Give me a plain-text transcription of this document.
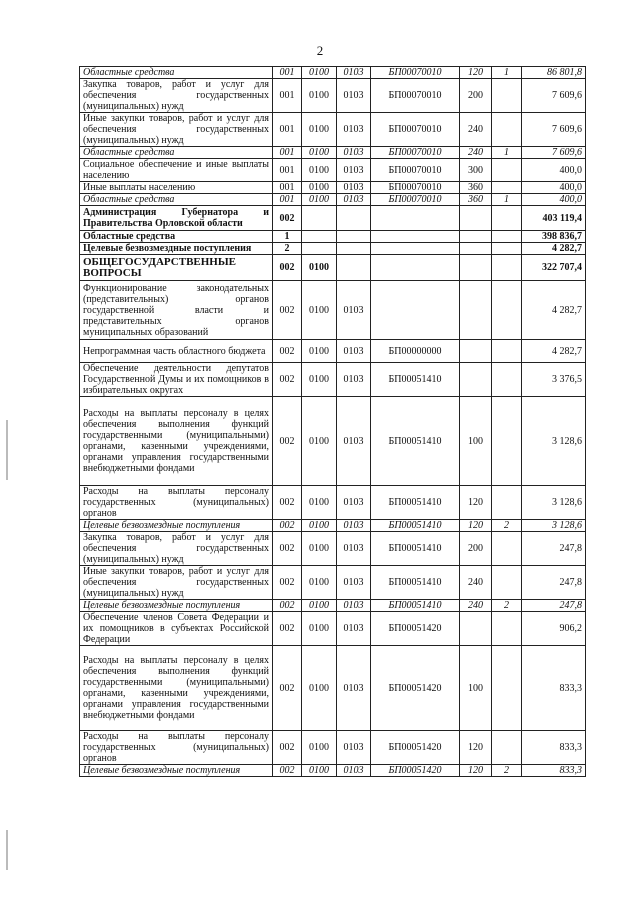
2
Областные средства	001	0100	0103	БП00070010	120	1	86 801,8
Закупка товаров, работ и услуг для обеспечения государственных (муниципальных) нужд	001	0100	0103	БП00070010	200		7 609,6
Иные закупки товаров, работ и услуг для обеспечения государственных (муниципальных) нужд	001	0100	0103	БП00070010	240		7 609,6
Областные средства	001	0100	0103	БП00070010	240	1	7 609,6
Социальное обеспечение и иные выплаты населению	001	0100	0103	БП00070010	300		400,0
Иные выплаты населению	001	0100	0103	БП00070010	360		400,0
Областные средства	001	0100	0103	БП00070010	360	1	400,0
Администрация Губернатора и Правительства Орловской области	002						403 119,4
Областные средства	1						398 836,7
Целевые безвозмездные поступления	2						4 282,7
ОБЩЕГОСУДАРСТВЕННЫЕ ВОПРОСЫ	002	0100					322 707,4
Функционирование законодательных (представительных) органов государственной власти и представительных органов муниципальных образований	002	0100	0103				4 282,7
Непрограммная часть областного бюджета	002	0100	0103	БП00000000			4 282,7
Обеспечение деятельности депутатов Государственной Думы и их помощников в избирательных округах	002	0100	0103	БП00051410			3 376,5
Расходы на выплаты персоналу в целях обеспечения выполнения функций государственными (муниципальными) органами, казенными учреждениями, органами управления государственными внебюджетными фондами	002	0100	0103	БП00051410	100		3 128,6
Расходы на выплаты персоналу государственных (муниципальных) органов	002	0100	0103	БП00051410	120		3 128,6
Целевые безвозмездные поступления	002	0100	0103	БП00051410	120	2	3 128,6
Закупка товаров, работ и услуг для обеспечения государственных (муниципальных) нужд	002	0100	0103	БП00051410	200		247,8
Иные закупки товаров, работ и услуг для обеспечения государственных (муниципальных) нужд	002	0100	0103	БП00051410	240		247,8
Целевые безвозмездные поступления	002	0100	0103	БП00051410	240	2	247,8
Обеспечение членов Совета Федерации и их помощников в субъектах Российской Федерации	002	0100	0103	БП00051420			906,2
Расходы на выплаты персоналу в целях обеспечения выполнения функций государственными (муниципальными) органами, казенными учреждениями, органами управления государственными внебюджетными фондами	002	0100	0103	БП00051420	100		833,3
Расходы на выплаты персоналу государственных (муниципальных) органов	002	0100	0103	БП00051420	120		833,3
Целевые безвозмездные поступления	002	0100	0103	БП00051420	120	2	833,3
